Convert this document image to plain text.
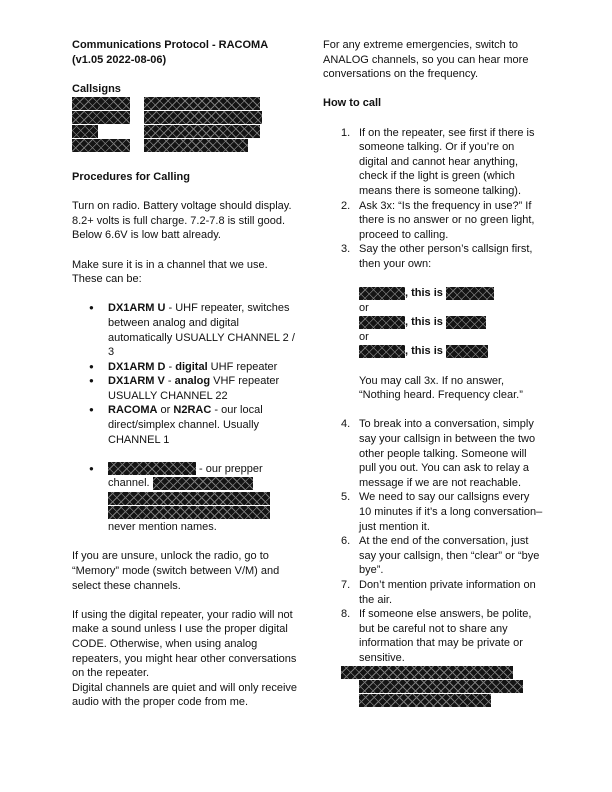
Communications Protocol - RACOMA

(v1.05 2022-08-06)

Callsigns
Procedures for Calling

Turn on radio. Battery voltage should display. 8.2+ volts is full charge. 7.2-7.8 is still good. Below 6.6V is low batt already.

Make sure it is in a channel that we use. These can be:

● DX1ARM U - UHF repeater, switches between analog and digital automatically USUALLY CHANNEL 2 / 3
● DX1ARM D - digital UHF repeater
● DX1ARM V - analog VHF repeater USUALLY CHANNEL 22
● RACOMA or N2RAC - our local direct/simplex channel. Usually CHANNEL 1
● - our prepper
channel.

never mention names.

If you are unsure, unlock the radio, go to “Memory” mode (switch between V/M) and select these channels.

If using the digital repeater, your radio will not make a sound unless I use the proper digital CODE. Otherwise, when using analog repeaters, you might hear other conversations on the repeater.

Digital channels are quiet and will only receive audio with the proper code from me.

For any extreme emergencies, switch to ANALOG channels, so you can hear more conversations on the frequency.

How to call
1. If on the repeater, see first if there is someone talking. Or if you’re on digital and cannot hear anything, check if the light is green (which means there is someone talking).
2. Ask 3x: “Is the frequency in use?” If there is no answer or no green light, proceed to calling.
3. Say the other person’s callsign first, then your own:
, this is
or
, this is
or
, this is

You may call 3x. If no answer, “Nothing heard. Frequency clear.”

4. To break into a conversation, simply say your callsign in between the two other people talking. Someone will pull you out. You can ask to relay a message if we are not reachable.
5. We need to say our callsigns every 10 minutes if it’s a long conversation–just mention it.
6. At the end of the conversation, just say your callsign, then “clear” or “bye bye”.
7. Don’t mention private information on the air.
8. If someone else answers, be polite, but be careful not to share any information that may be private or sensitive.
